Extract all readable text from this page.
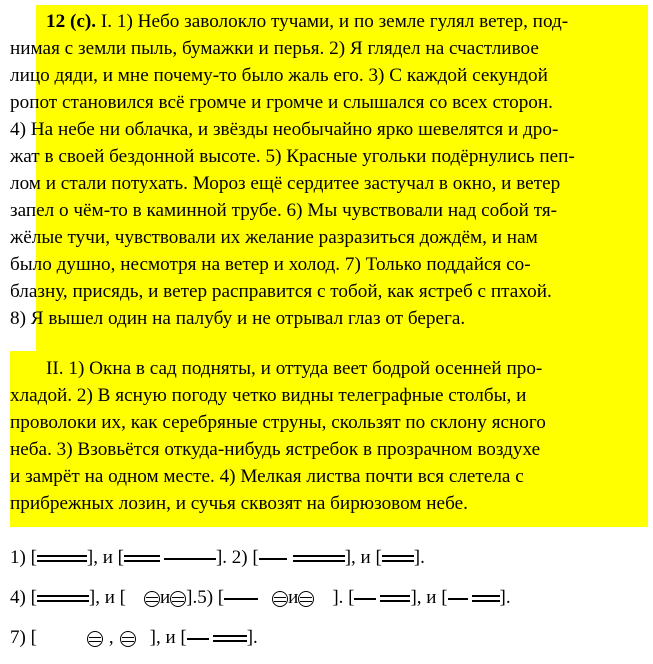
12 (с). I. 1) Небо заволокло тучами, и по земле гулял ветер, под-
нимая с земли пыль, бумажки и перья. 2) Я глядел на счастливое
лицо дяди, и мне почему-то было жаль его. 3) С каждой секундой
ропот становился всё громче и громче и слышался со всех сторон.
4) На небе ни облачка, и звёзды необычайно ярко шевелятся и дро-
жат в своей бездонной высоте. 5) Красные угольки подёрнулись пеп-
лом и стали потухать. Мороз ещё сердитее застучал в окно, и ветер
запел о чём-то в каминной трубе. 6) Мы чувствовали над собой тя-
жёлые тучи, чувствовали их желание разразиться дождём, и нам
было душно, несмотря на ветер и холод. 7) Только поддайся со-
блазну, присядь, и ветер расправится с тобой, как ястреб с птахой.
8) Я вышел один на палубу и не отрывал глаз от берега.
II. 1) Окна в сад подняты, и оттуда веет бодрой осенней про-
хладой. 2) В ясную погоду четко видны телеграфные столбы, и
проволоки их, как серебряные струны, скользят по склону ясного
неба. 3) Взовьётся откуда-нибудь ястребок в прозрачном воздухе
и замрёт на одном месте. 4) Мелкая листва почти вся слетела с
прибрежных лозин, и сучья сквозят на бирюзовом небе.
1) [	], и [	]. 2) [	], и [ ].
4) [	], и [ и ].5) [	и ]. [	], и [	].
7) [	, ], и [	].
